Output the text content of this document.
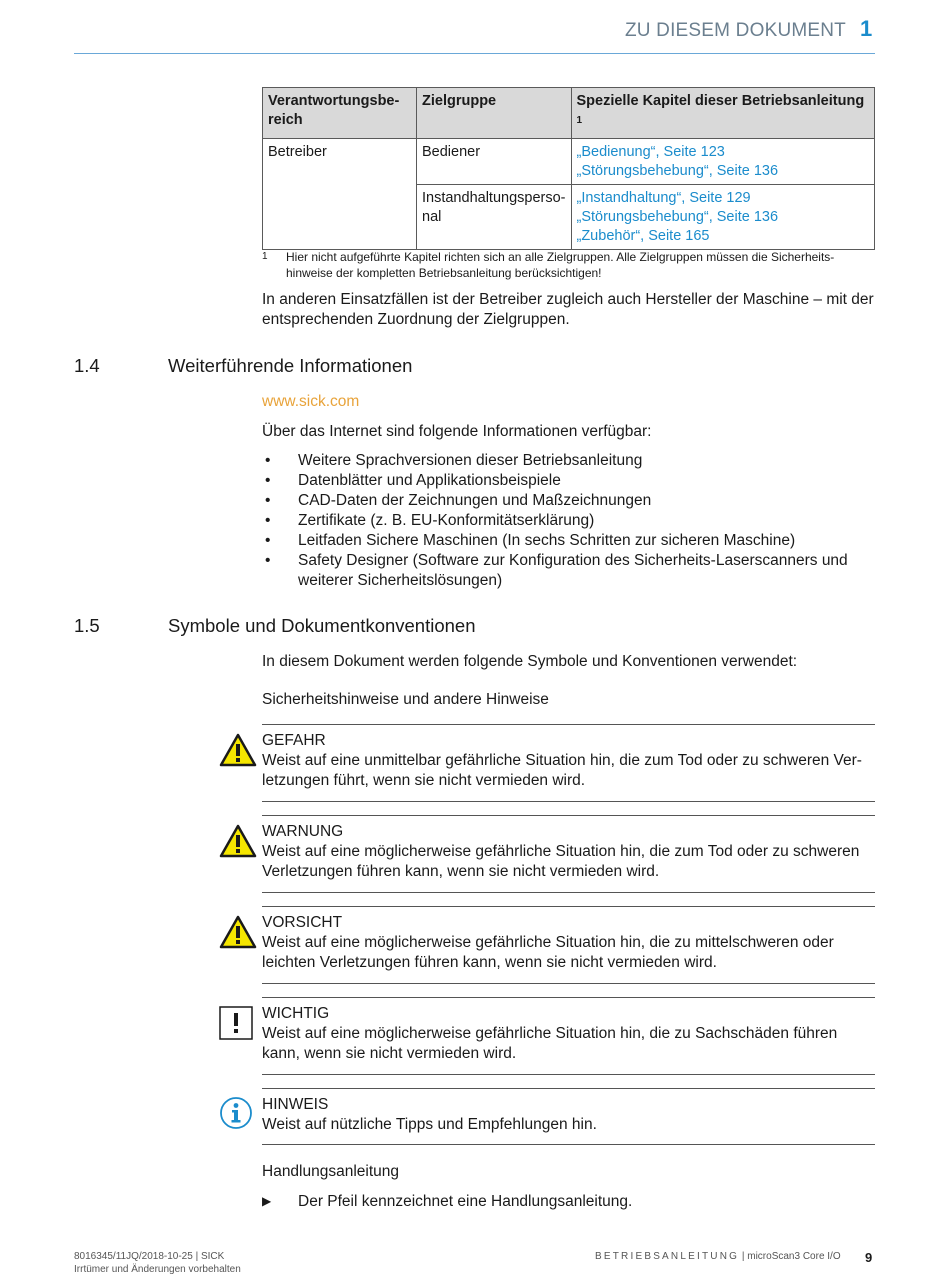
ZU DIESEM DOKUMENT 1
Verantwortungsbe-
reich	Zielgruppe	Spezielle Kapitel dieser Betriebsanleitung $^1$
Betreiber	Bediener	„Bedienung“, Seite 123
„Störungsbehebung“, Seite 136

	Instandhaltungsperso-
nal	„Instandhaltung“, Seite 129
„Störungsbehebung“, Seite 136
„Zubehör“, Seite 165
1 Hier nicht aufgeführte Kapitel richten sich an alle Zielgruppen. Alle Zielgruppen müssen die Sicherheits-hinweise der kompletten Betriebsanleitung berücksichtigen!
In anderen Einsatzfällen ist der Betreiber zugleich auch Hersteller der Maschine – mit der entsprechenden Zuordnung der Zielgruppen.
1.4	Weiterführende Informationen
www.sick.com
Über das Internet sind folgende Informationen verfügbar:
• Weitere Sprachversionen dieser Betriebsanleitung
• Datenblätter und Applikationsbeispiele
• CAD-Daten der Zeichnungen und Maßzeichnungen
• Zertifikate (z. B. EU-Konformitätserklärung)
• Leitfaden Sichere Maschinen (In sechs Schritten zur sicheren Maschine)
• Safety Designer (Software zur Konfiguration des Sicherheits-Laserscanners und weiterer Sicherheitslösungen)
1.5	Symbole und Dokumentkonventionen
In diesem Dokument werden folgende Symbole und Konventionen verwendet:
Sicherheitshinweise und andere Hinweise
GEFAHR
Weist auf eine unmittelbar gefährliche Situation hin, die zum Tod oder zu schweren Ver-letzungen führt, wenn sie nicht vermieden wird.
WARNUNG
Weist auf eine möglicherweise gefährliche Situation hin, die zum Tod oder zu schweren Verletzungen führen kann, wenn sie nicht vermieden wird.
VORSICHT
Weist auf eine möglicherweise gefährliche Situation hin, die zu mittelschweren oder leichten Verletzungen führen kann, wenn sie nicht vermieden wird.
WICHTIG
Weist auf eine möglicherweise gefährliche Situation hin, die zu Sachschäden führen kann, wenn sie nicht vermieden wird.
HINWEIS
Weist auf nützliche Tipps und Empfehlungen hin.
Handlungsanleitung
▶ Der Pfeil kennzeichnet eine Handlungsanleitung.
8016345/11JQ/2018-10-25 | SICK
Irrtümer und Änderungen vorbehalten
BETRIEBSANLEITUNG | microScan3 Core I/O 9
